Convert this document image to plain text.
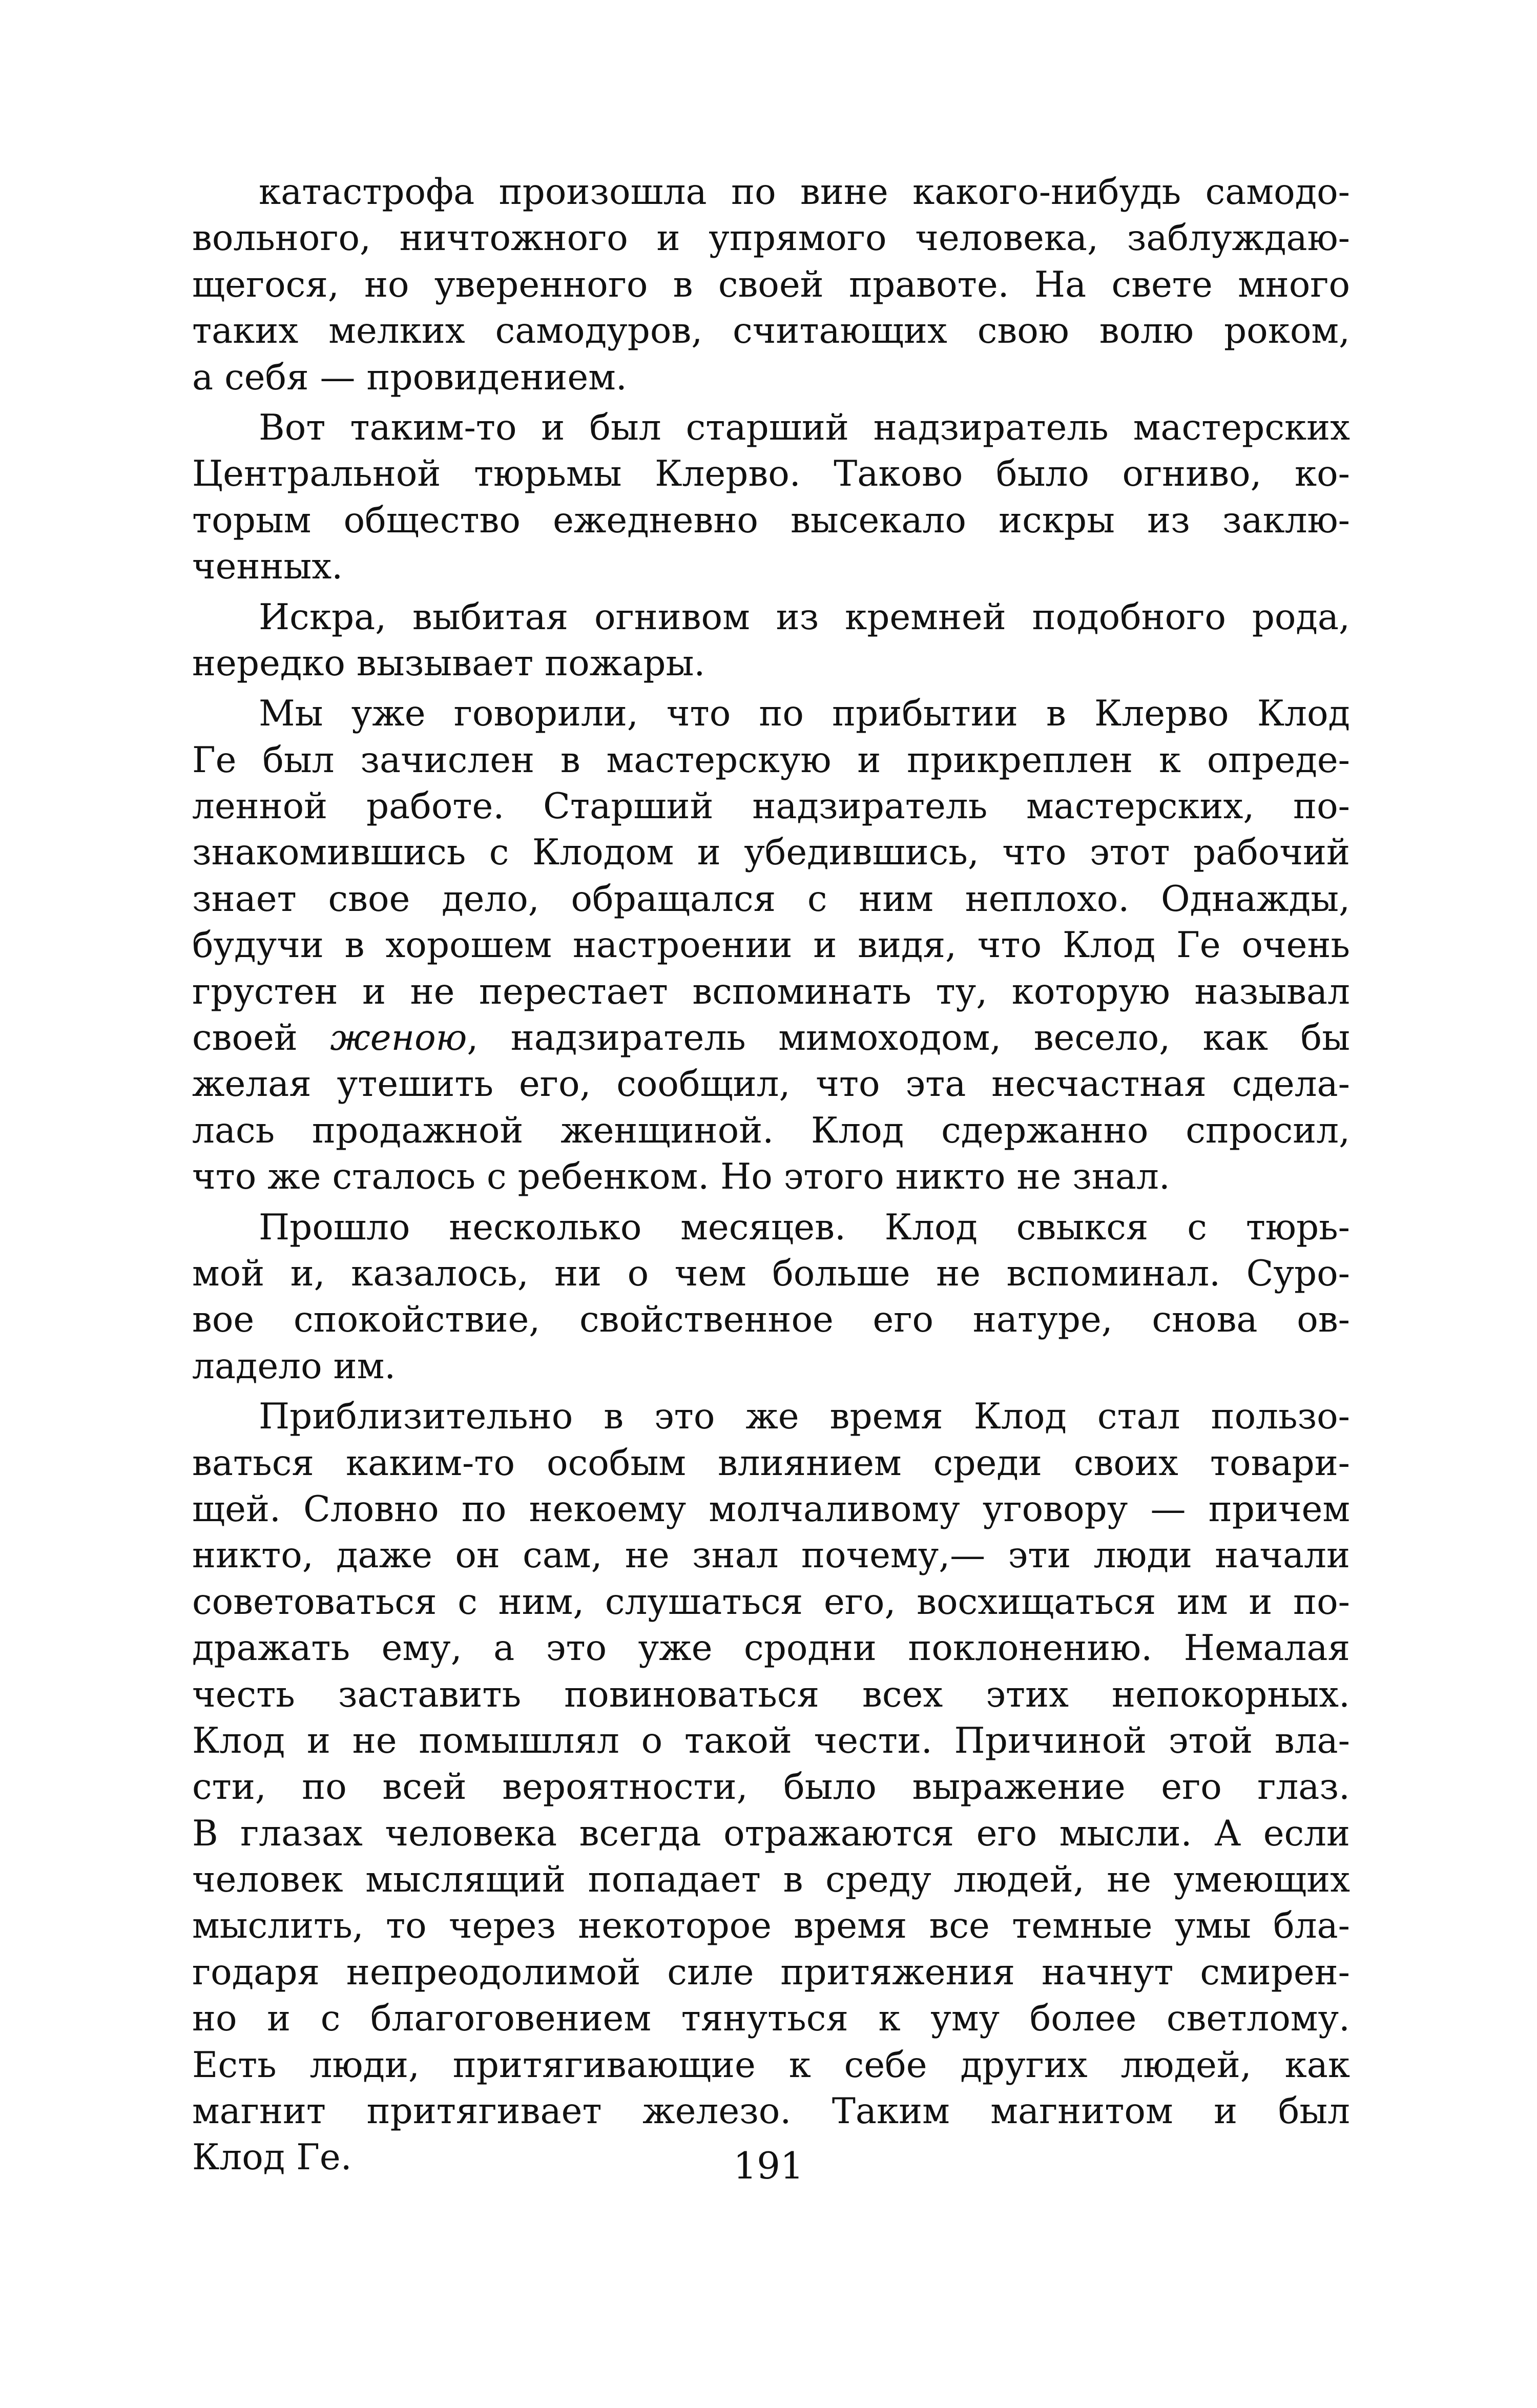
катастрофа произошла по вине какого-нибудь самодо-
вольного, ничтожного и упрямого человека, заблуждаю-
щегося, но уверенного в своей правоте. На свете много
таких мелких самодуров, считающих свою волю роком,
а себя — провидением.
Вот таким-то и был старший надзиратель мастерских
Центральной тюрьмы Клерво. Таково было огниво, ко-
торым общество ежедневно высекало искры из заклю-
ченных.
Искра, выбитая огнивом из кремней подобного рода,
нередко вызывает пожары.
Мы уже говорили, что по прибытии в Клерво Клод
Ге был зачислен в мастерскую и прикреплен к опреде-
ленной работе. Старший надзиратель мастерских, по-
знакомившись с Клодом и убедившись, что этот рабочий
знает свое дело, обращался с ним неплохо. Однажды,
будучи в хорошем настроении и видя, что Клод Ге очень
грустен и не перестает вспоминать ту, которую называл
своей женою, надзиратель мимоходом, весело, как бы
желая утешить его, сообщил, что эта несчастная сдела-
лась продажной женщиной. Клод сдержанно спросил,
что же сталось с ребенком. Но этого никто не знал.
Прошло несколько месяцев. Клод свыкся с тюрь-
мой и, казалось, ни о чем больше не вспоминал. Суро-
вое спокойствие, свойственное его натуре, снова ов-
ладело им.
Приблизительно в это же время Клод стал пользо-
ваться каким-то особым влиянием среди своих товари-
щей. Словно по некоему молчаливому уговору — причем
никто, даже он сам, не знал почему,— эти люди начали
советоваться с ним, слушаться его, восхищаться им и по-
дражать ему, а это уже сродни поклонению. Немалая
честь заставить повиноваться всех этих непокорных.
Клод и не помышлял о такой чести. Причиной этой вла-
сти, по всей вероятности, было выражение его глаз.
В глазах человека всегда отражаются его мысли. А если
человек мыслящий попадает в среду людей, не умеющих
мыслить, то через некоторое время все темные умы бла-
годаря непреодолимой силе притяжения начнут смирен-
но и с благоговением тянуться к уму более светлому.
Есть люди, притягивающие к себе других людей, как
магнит притягивает железо. Таким магнитом и был
Клод Ге.	191
